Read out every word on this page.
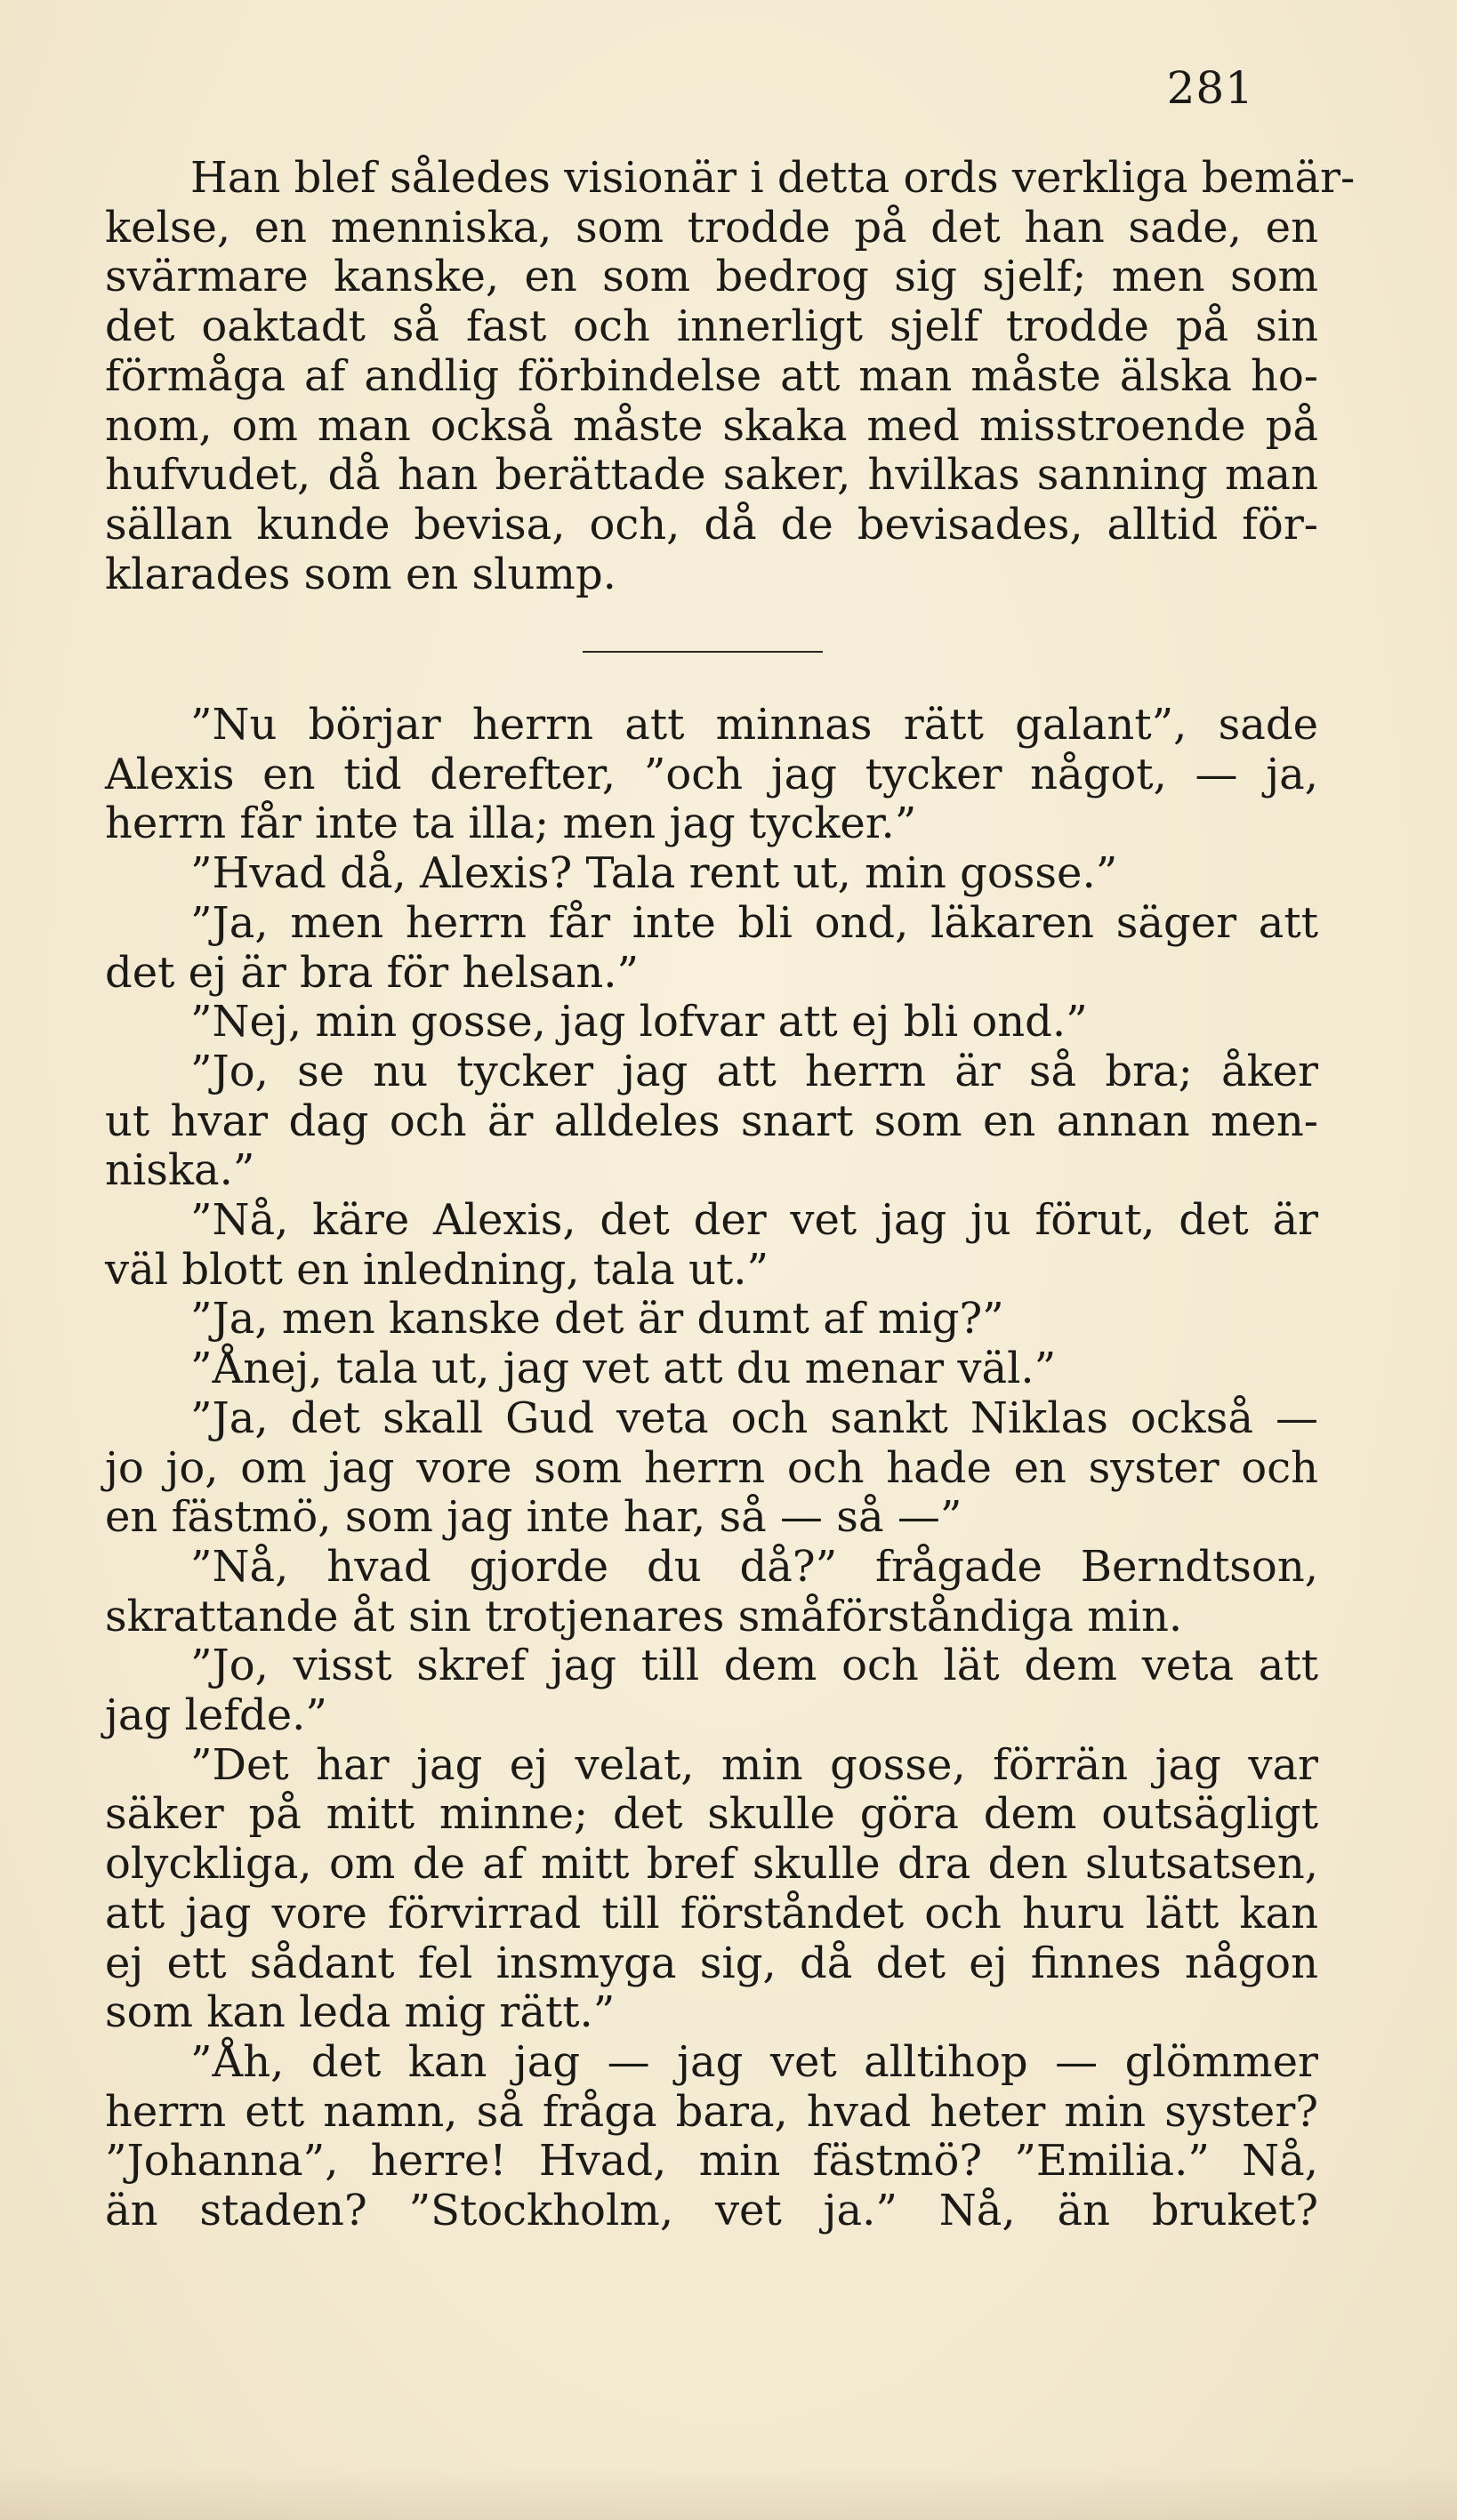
281
Han blef således visionär i detta ords verkliga bemär-
kelse, en menniska, som trodde på det han sade, en
svärmare kanske, en som bedrog sig sjelf; men som
det oaktadt så fast och innerligt sjelf trodde på sin
förmåga af andlig förbindelse att man måste älska ho-
nom, om man också måste skaka med misstroende på
hufvudet, då han berättade saker, hvilkas sanning man
sällan kunde bevisa, och, då de bevisades, alltid för-
klarades som en slump.
”Nu börjar herrn att minnas rätt galant”, sade
Alexis en tid derefter, ”och jag tycker något, — ja,
herrn får inte ta illa; men jag tycker.”
”Hvad då, Alexis? Tala rent ut, min gosse.”
”Ja, men herrn får inte bli ond, läkaren säger att
det ej är bra för helsan.”
”Nej, min gosse, jag lofvar att ej bli ond.”
”Jo, se nu tycker jag att herrn är så bra; åker
ut hvar dag och är alldeles snart som en annan men-
niska.”
”Nå, käre Alexis, det der vet jag ju förut, det är
väl blott en inledning, tala ut.”
”Ja, men kanske det är dumt af mig?”
”Ånej, tala ut, jag vet att du menar väl.”
”Ja, det skall Gud veta och sankt Niklas också —
jo jo, om jag vore som herrn och hade en syster och
en fästmö, som jag inte har, så — så —”
”Nå, hvad gjorde du då?” frågade Berndtson,
skrattande åt sin trotjenares småförståndiga min.
”Jo, visst skref jag till dem och lät dem veta att
jag lefde.”
”Det har jag ej velat, min gosse, förrän jag var
säker på mitt minne; det skulle göra dem outsägligt
olyckliga, om de af mitt bref skulle dra den slutsatsen,
att jag vore förvirrad till förståndet och huru lätt kan
ej ett sådant fel insmyga sig, då det ej finnes någon
som kan leda mig rätt.”
”Åh, det kan jag — jag vet alltihop — glömmer
herrn ett namn, så fråga bara, hvad heter min syster?
”Johanna”, herre! Hvad, min fästmö? ”Emilia.” Nå,
än staden? ”Stockholm, vet ja.” Nå, än bruket?
